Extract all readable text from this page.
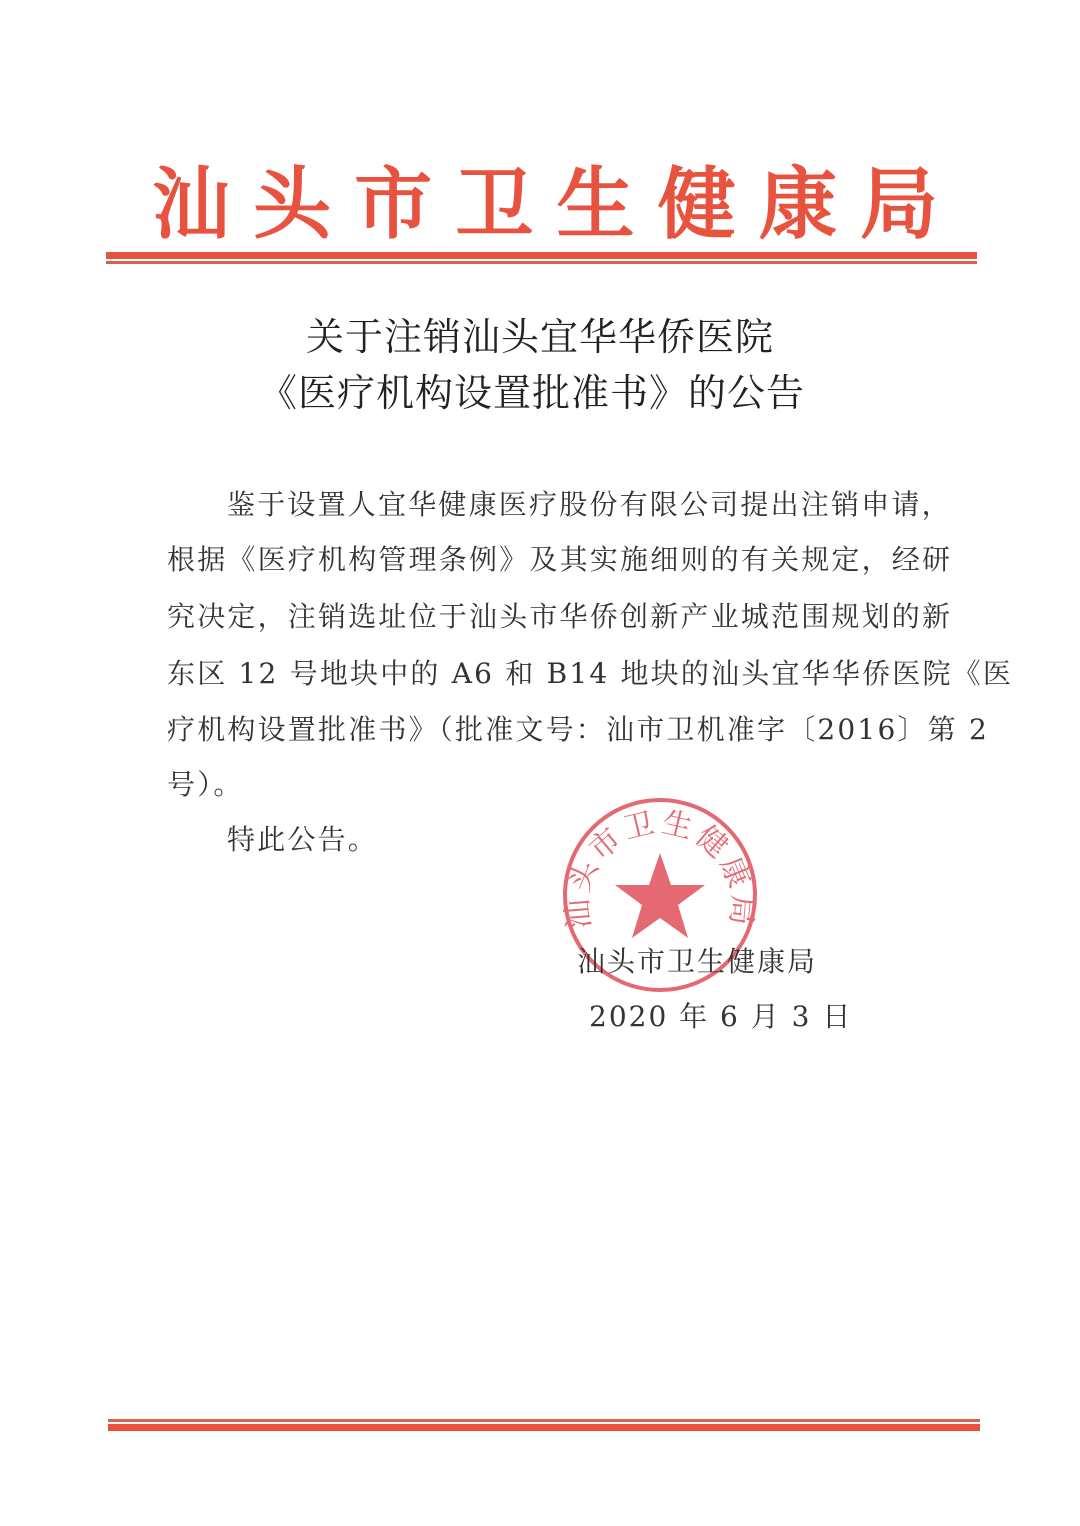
汕 头 市 卫 生 健 康 局
关于注销汕头宜华华侨医院
《医疗机构设置批准书》的公告
鉴于设置人宜华健康医疗股份有限公司提出注销申请，
根据《医疗机构管理条例》及其实施细则的有关规定，经研
究决定，注销选址位于汕头市华侨创新产业城范围规划的新
东区 12 号地块中的 A6 和 B14 地块的汕头宜华华侨医院《医
疗机构设置批准书》（批准文号：汕市卫机准字〔2016〕第 2
号）。
特此公告。
汕头市卫生健康局
汕头市卫生健康局
2020 年 6 月 3 日
